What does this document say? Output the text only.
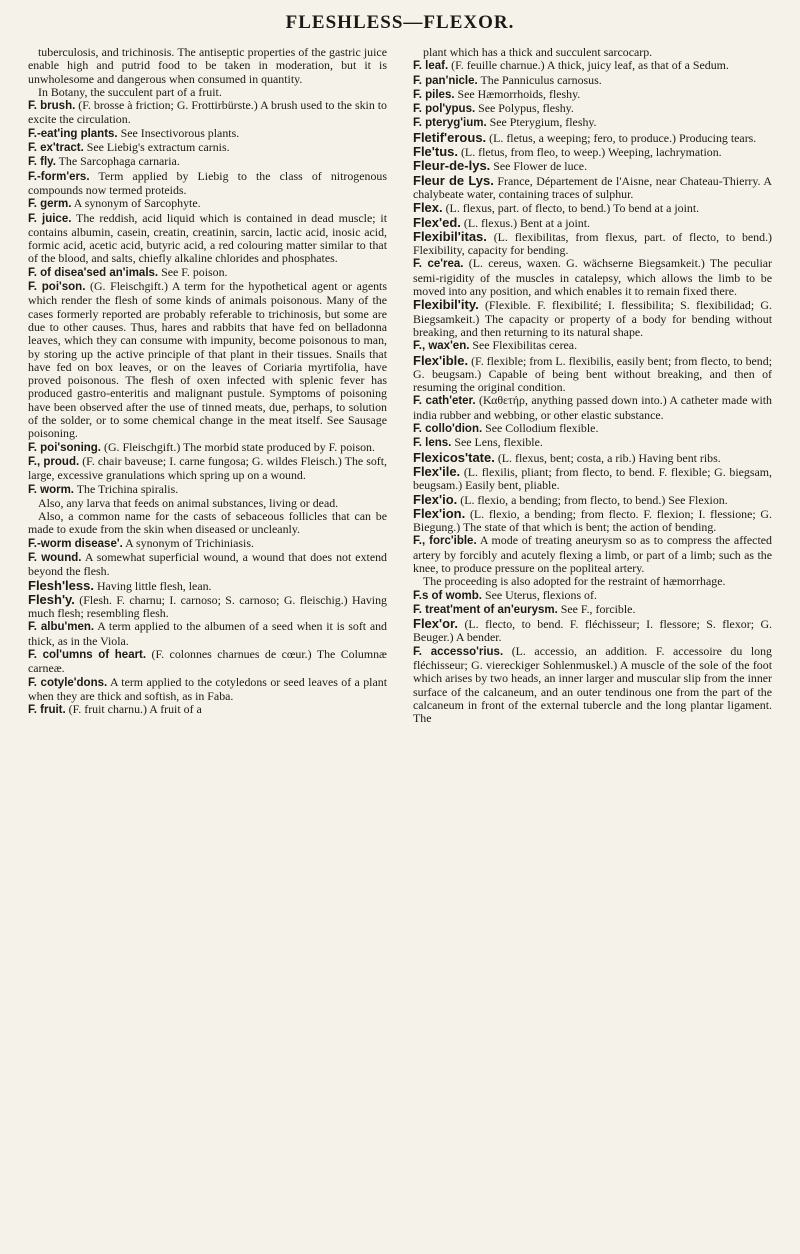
FLESHLESS—FLEXOR.

tuberculosis, and trichinosis. The antiseptic properties of the gastric juice enable high and putrid food to be taken in moderation, but it is unwholesome and dangerous when consumed in quantity.

In Botany, the succulent part of a fruit.

F. brush. (F. brosse à friction; G. Frottirbürste.) A brush used to the skin to excite the circulation.

F.-eat'ing plants. See Insectivorous plants.

F. ex'tract. See Liebig's extractum carnis.

F. fly. The Sarcophaga carnaria.

F.-form'ers. Term applied by Liebig to the class of nitrogenous compounds now termed proteids.

F. germ. A synonym of Sarcophyte.

F. juice. The reddish, acid liquid which is contained in dead muscle; it contains albumin, casein, creatin, creatinin, sarcin, lactic acid, inosic acid, formic acid, acetic acid, butyric acid, a red colouring matter similar to that of the blood, and salts, chiefly alkaline chlorides and phosphates.

F. of disea'sed an'imals. See F. poison.

F. poi'son. (G. Fleischgift.) A term for the hypothetical agent or agents which render the flesh of some kinds of animals poisonous. Many of the cases formerly reported are probably referable to trichinosis, but some are due to other causes. Thus, hares and rabbits that have fed on belladonna leaves, which they can consume with impunity, become poisonous to man, by storing up the active principle of that plant in their tissues. Snails that have fed on box leaves, or on the leaves of Coriaria myrtifolia, have proved poisonous. The flesh of oxen infected with splenic fever has produced gastro-enteritis and malignant pustule. Symptoms of poisoning have been observed after the use of tinned meats, due, perhaps, to solution of the solder, or to some chemical change in the meat itself. See Sausage poisoning.

F. poi'soning. (G. Fleischgift.) The morbid state produced by F. poison.

F., proud. (F. chair baveuse; I. carne fungosa; G. wildes Fleisch.) The soft, large, excessive granulations which spring up on a wound.

F. worm. The Trichina spiralis.

Also, any larva that feeds on animal substances, living or dead.

Also, a common name for the casts of sebaceous follicles that can be made to exude from the skin when diseased or uncleanly.

F.-worm disease'. A synonym of Trichiniasis.

F. wound. A somewhat superficial wound, a wound that does not extend beyond the flesh.

Flesh'less. Having little flesh, lean.

Flesh'y. (Flesh. F. charnu; I. carnoso; S. carnoso; G. fleischig.) Having much flesh; resembling flesh.

F. albu'men. A term applied to the albumen of a seed when it is soft and thick, as in the Viola.

F. col'umns of heart. (F. colonnes charnues de cœur.) The Columnæ carneæ.

F. cotyle'dons. A term applied to the cotyledons or seed leaves of a plant when they are thick and softish, as in Faba.

F. fruit. (F. fruit charnu.) A fruit of a

plant which has a thick and succulent sarcocarp.

F. leaf. (F. feuille charnue.) A thick, juicy leaf, as that of a Sedum.

F. pan'nicle. The Panniculus carnosus.

F. piles. See Hæmorrhoids, fleshy.

F. pol'ypus. See Polypus, fleshy.

F. pteryg'ium. See Pterygium, fleshy.

Fletif'erous. (L. fletus, a weeping; fero, to produce.) Producing tears.

Fle'tus. (L. fletus, from fleo, to weep.) Weeping, lachrymation.

Fleur-de-lys. See Flower de luce.

Fleur de Lys. France, Département de l'Aisne, near Chateau-Thierry. A chalybeate water, containing traces of sulphur.

Flex. (L. flexus, part. of flecto, to bend.) To bend at a joint.

Flex'ed. (L. flexus.) Bent at a joint.

Flexibil'itas. (L. flexibilitas, from flexus, part. of flecto, to bend.) Flexibility, capacity for bending.

F. ce'rea. (L. cereus, waxen. G. wächserne Biegsamkeit.) The peculiar semi-rigidity of the muscles in catalepsy, which allows the limb to be moved into any position, and which enables it to remain fixed there.

Flexibil'ity. (Flexible. F. flexibilité; I. flessibilita; S. flexibilidad; G. Biegsamkeit.) The capacity or property of a body for bending without breaking, and then returning to its natural shape.

F., wax'en. See Flexibilitas cerea.

Flex'ible. (F. flexible; from L. flexibilis, easily bent; from flecto, to bend; G. beugsam.) Capable of being bent without breaking, and then of resuming the original condition.

F. cath'eter. (Καθετήρ, anything passed down into.) A catheter made with india rubber and webbing, or other elastic substance.

F. collo'dion. See Collodium flexible.

F. lens. See Lens, flexible.

Flexicos'tate. (L. flexus, bent; costa, a rib.) Having bent ribs.

Flex'ile. (L. flexilis, pliant; from flecto, to bend. F. flexible; G. biegsam, beugsam.) Easily bent, pliable.

Flex'io. (L. flexio, a bending; from flecto, to bend.) See Flexion.

Flex'ion. (L. flexio, a bending; from flecto. F. flexion; I. flessione; G. Biegung.) The state of that which is bent; the action of bending.

F., forc'ible. A mode of treating aneurysm so as to compress the affected artery by forcibly and acutely flexing a limb, or part of a limb; such as the knee, to produce pressure on the popliteal artery.

The proceeding is also adopted for the restraint of hæmorrhage.

F.s of womb. See Uterus, flexions of.

F. treat'ment of an'eurysm. See F., forcible.

Flex'or. (L. flecto, to bend. F. fléchisseur; I. flessore; S. flexor; G. Beuger.) A bender.

F. accesso'rius. (L. accessio, an addition. F. accessoire du long fléchisseur; G. viereckiger Sohlenmuskel.) A muscle of the sole of the foot which arises by two heads, an inner larger and muscular slip from the inner surface of the calcaneum, and an outer tendinous one from the part of the calcaneum in front of the external tubercle and the long plantar ligament. The
